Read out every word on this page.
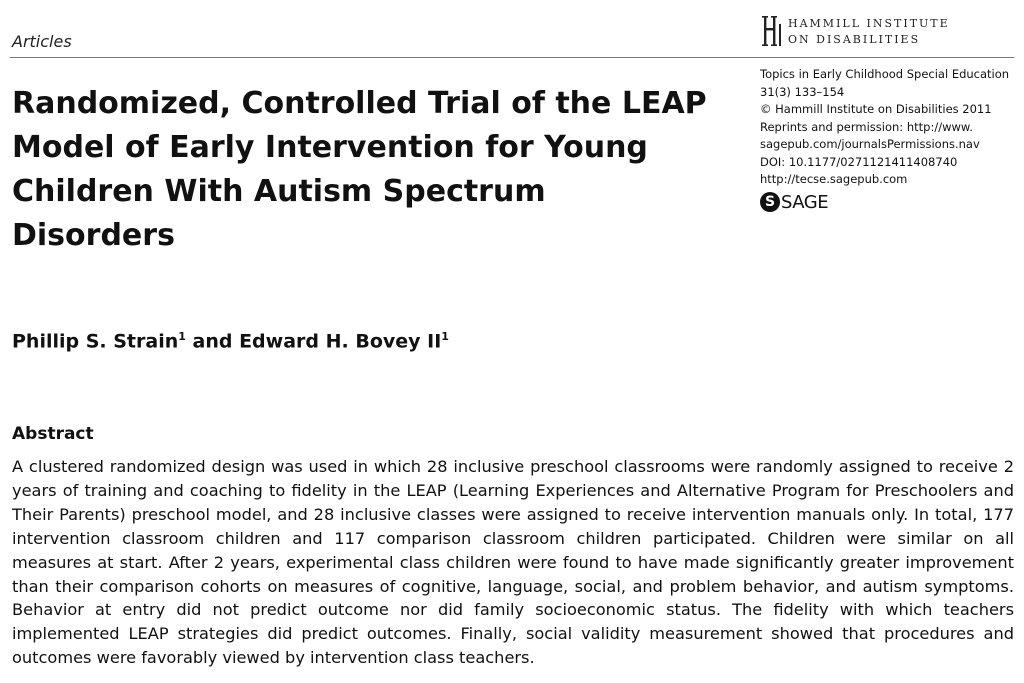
Articles
HAMMILL INSTITUTE
ON DISABILITIES
Randomized, Controlled Trial of the LEAP Model of Early Intervention for Young Children With Autism Spectrum Disorders
Topics in Early Childhood Special Education
31(3) 133–154
© Hammill Institute on Disabilities 2011
Reprints and permission: http://www.
sagepub.com/journalsPermissions.nav
DOI: 10.1177/0271121411408740
http://tecse.sagepub.com
S SAGE
Phillip S. Strain$^1$ and Edward H. Bovey $II^1$
Abstract

A clustered randomized design was used in which 28 inclusive preschool classrooms were randomly assigned to receive 2 years of training and coaching to fidelity in the LEAP (Learning Experiences and Alternative Program for Preschoolers and Their Parents) preschool model, and 28 inclusive classes were assigned to receive intervention manuals only. In total, 177 intervention classroom children and 117 comparison classroom children participated. Children were similar on all measures at start. After 2 years, experimental class children were found to have made significantly greater improvement than their comparison cohorts on measures of cognitive, language, social, and problem behavior, and autism symptoms. Behavior at entry did not predict outcome nor did family socioeconomic status. The fidelity with which teachers implemented LEAP strategies did predict outcomes. Finally, social validity measurement showed that procedures and outcomes were favorably viewed by intervention class teachers.
